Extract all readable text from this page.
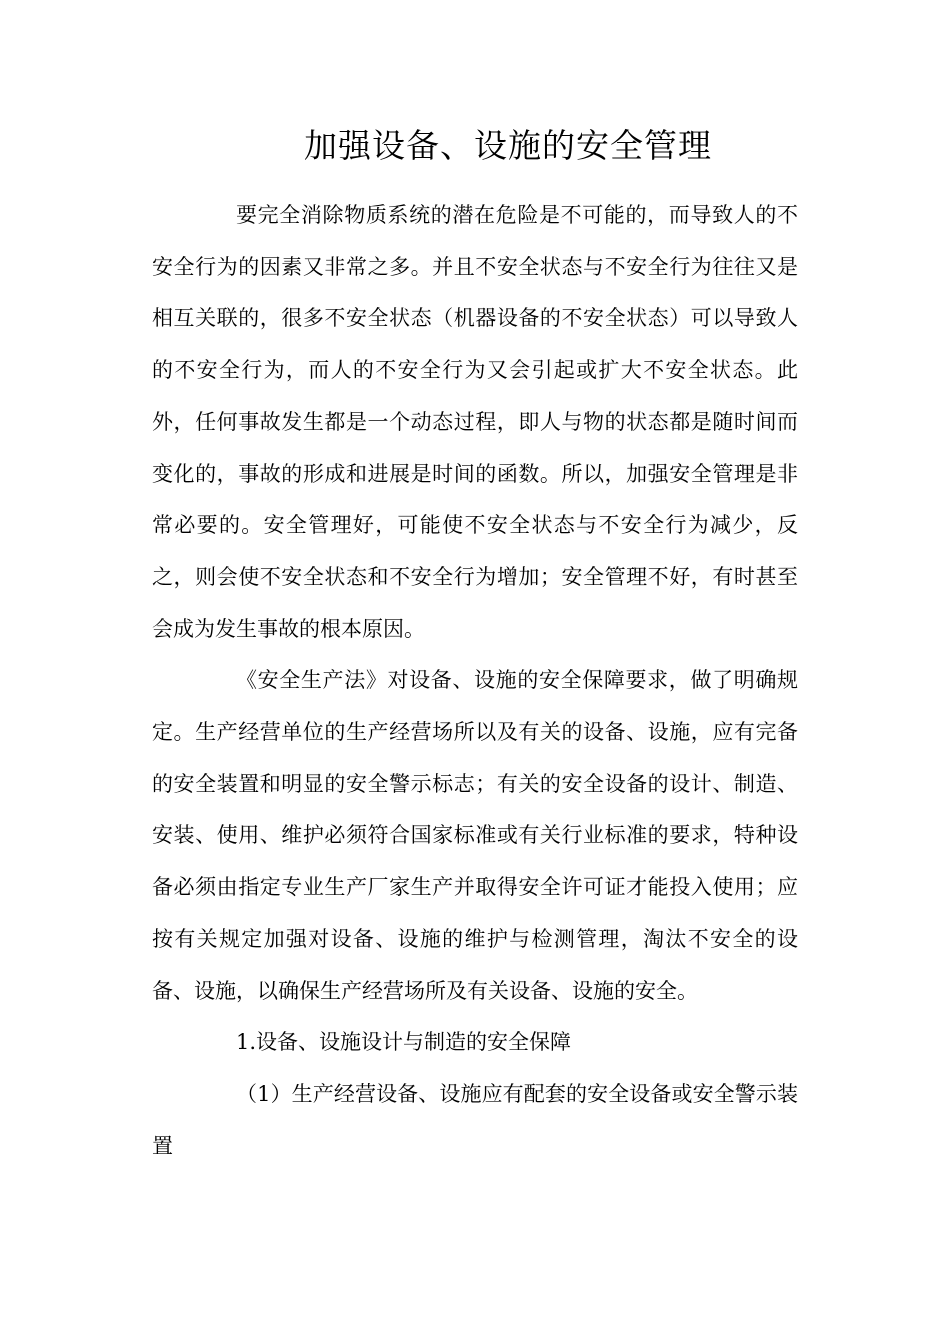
加强设备、设施的安全管理

要完全消除物质系统的潜在危险是不可能的，而导致人的不安全行为的因素又非常之多。并且不安全状态与不安全行为往往又是相互关联的，很多不安全状态（机器设备的不安全状态）可以导致人的不安全行为，而人的不安全行为又会引起或扩大不安全状态。此外，任何事故发生都是一个动态过程，即人与物的状态都是随时间而变化的，事故的形成和进展是时间的函数。所以，加强安全管理是非常必要的。安全管理好，可能使不安全状态与不安全行为减少，反之，则会使不安全状态和不安全行为增加；安全管理不好，有时甚至会成为发生事故的根本原因。

《安全生产法》对设备、设施的安全保障要求，做了明确规定。生产经营单位的生产经营场所以及有关的设备、设施，应有完备的安全装置和明显的安全警示标志；有关的安全设备的设计、制造、安装、使用、维护必须符合国家标准或有关行业标准的要求，特种设备必须由指定专业生产厂家生产并取得安全许可证才能投入使用；应按有关规定加强对设备、设施的维护与检测管理，淘汰不安全的设备、设施，以确保生产经营场所及有关设备、设施的安全。

1.设备、设施设计与制造的安全保障

（1）生产经营设备、设施应有配套的安全设备或安全警示装置
